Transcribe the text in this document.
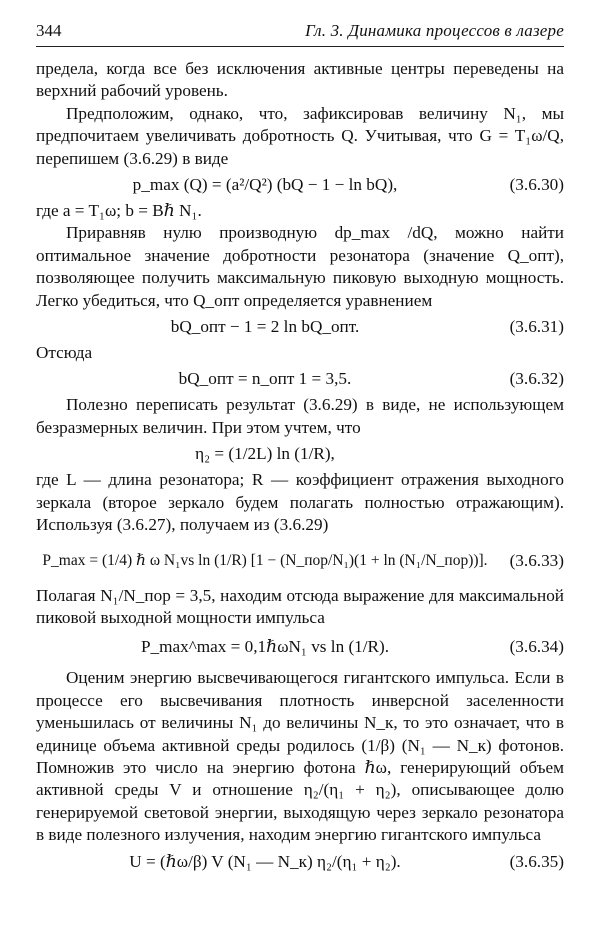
344	Гл. 3. Динамика процессов в лазере

предела, когда все без исключения активные центры переведены на верхний рабочий уровень.

Предположим, однако, что, зафиксировав величину N₁, мы предпочитаем увеличивать добротность Q. Учитывая, что G = T₁ω/Q, перепишем (3.6.29) в виде

p_max (Q) = (a²/Q²) (bQ − 1 − ln bQ),	(3.6.30)

где a = T₁ω; b = Bℏ N₁.

Приравняв нулю производную dp_max /dQ, можно найти оптимальное значение добротности резонатора (значение Q_опт), позволяющее получить максимальную пиковую выходную мощность. Легко убедиться, что Q_опт определяется уравнением

bQ_опт − 1 = 2 ln bQ_опт.	(3.6.31)

Отсюда

bQ_опт = n_опт 1 = 3,5.	(3.6.32)

Полезно переписать результат (3.6.29) в виде, не использующем безразмерных величин. При этом учтем, что

η₂ = (1/2L) ln (1/R),

где L — длина резонатора; R — коэффициент отражения выходного зеркала (второе зеркало будем полагать полностью отражающим). Используя (3.6.27), получаем из (3.6.29)

P_max = (1/4) ℏ ω N₁vs ln (1/R) [1 − (N_пор/N₁)(1 + ln (N₁/N_пор))].	(3.6.33)

Полагая N₁/N_пор = 3,5, находим отсюда выражение для максимальной пиковой выходной мощности импульса

P_max^max = 0,1ℏωN₁ vs ln (1/R).	(3.6.34)

Оценим энергию высвечивающегося гигантского импульса. Если в процессе его высвечивания плотность инверсной заселенности уменьшилась от величины N₁ до величины N_к, то это означает, что в единице объема активной среды родилось (1/β) (N₁ — N_к) фотонов. Помножив это число на энергию фотона ℏω, генерирующий объем активной среды V и отношение η₂/(η₁ + η₂), описывающее долю генерируемой световой энергии, выходящую через зеркало резонатора в виде полезного излучения, находим энергию гигантского импульса

U = (ℏω/β) V (N₁ — N_к) η₂/(η₁ + η₂).	(3.6.35)
